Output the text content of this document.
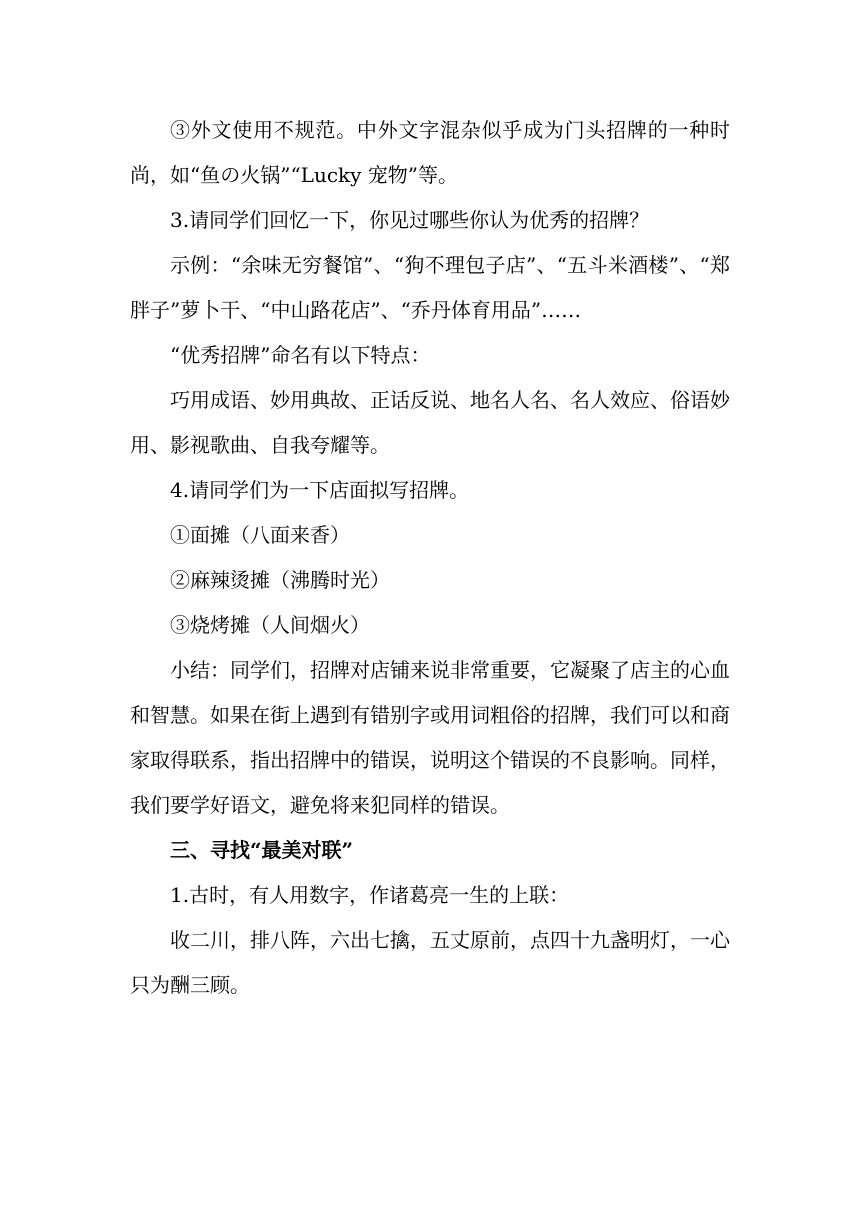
③外文使用不规范。中外文字混杂似乎成为门头招牌的一种时尚，如“鱼の火锅”“Lucky 宠物”等。

3.请同学们回忆一下，你见过哪些你认为优秀的招牌？

示例：“余味无穷餐馆”、“狗不理包子店”、“五斗米酒楼”、“郑胖子”萝卜干、“中山路花店”、“乔丹体育用品”……

“优秀招牌”命名有以下特点：

巧用成语、妙用典故、正话反说、地名人名、名人效应、俗语妙用、影视歌曲、自我夸耀等。

4.请同学们为一下店面拟写招牌。

①面摊（八面来香）

②麻辣烫摊（沸腾时光）

③烧烤摊（人间烟火）

小结：同学们，招牌对店铺来说非常重要，它凝聚了店主的心血和智慧。如果在街上遇到有错别字或用词粗俗的招牌，我们可以和商家取得联系，指出招牌中的错误，说明这个错误的不良影响。同样，我们要学好语文，避免将来犯同样的错误。

三、寻找“最美对联”

1.古时，有人用数字，作诸葛亮一生的上联：

收二川，排八阵，六出七擒，五丈原前，点四十九盏明灯，一心只为酬三顾。
